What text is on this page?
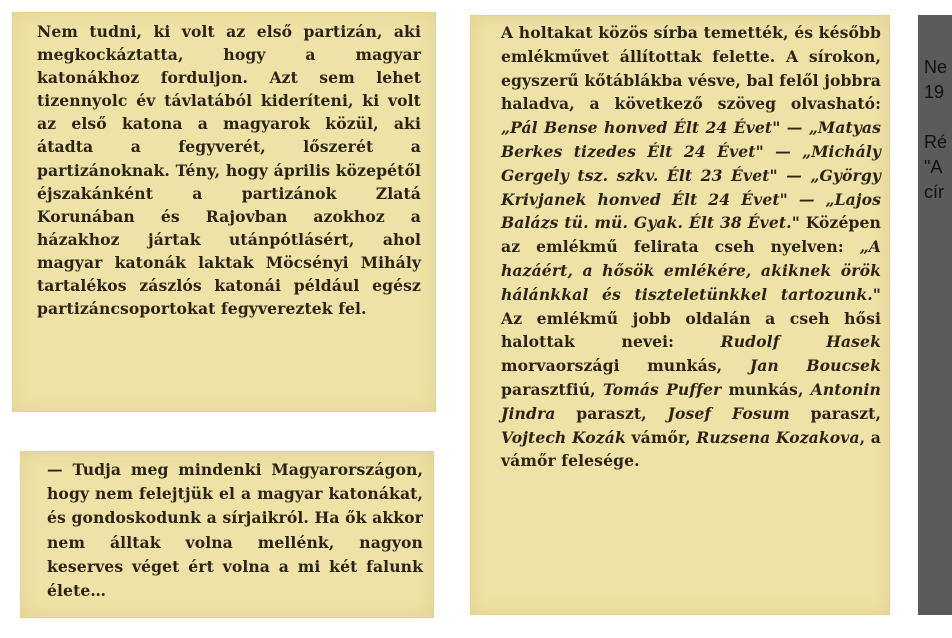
Nem tudni, ki volt az első partizán, aki megkockáztatta, hogy a magyar katonákhoz forduljon. Azt sem lehet tizennyolc év távlatából kideríteni, ki volt az első katona a magyarok közül, aki átadta a fegyverét, lőszerét a partizánoknak. Tény, hogy április közepétől éjszakánként a partizánok Zlatá Korunában és Rajovban azokhoz a házakhoz jártak utánpótlásért, ahol magyar katonák laktak Möcsényi Mihály tartalékos zászlós katonái például egész partizáncsoportokat fegyvereztek fel.

— Tudja meg mindenki Magyarországon, hogy nem felejtjük el a magyar katonákat, és gondoskodunk a sírjaikról. Ha ők akkor nem álltak volna mellénk, nagyon keserves véget ért volna a mi két falunk élete…

A holtakat közös sírba temették, és később emlékművet állítottak felette. A sírokon, egyszerű kőtáblákba vésve, bal felől jobbra haladva, a következő szöveg olvasható: „Pál Bense honved Élt 24 Évet" — „Matyas Berkes tizedes Élt 24 Évet" — „Michály Gergely tsz. szkv. Élt 23 Évet" — „György Krivjanek honved Élt 24 Évet" — „Lajos Balázs tü. mü. Gyak. Élt 38 Évet." Középen az emlékmű felirata cseh nyelven: „A hazáért, a hősök emlékére, akiknek örök hálánkkal és tiszteletünkkel tartozunk." Az emlékmű jobb oldalán a cseh hősi halottak nevei: Rudolf Hasek morvaországi munkás, Jan Boucsek parasztfiú, Tomás Puffer munkás, Antonin Jindra paraszt, Josef Fosum paraszt, Vojtech Kozák vámőr, Ruzsena Kozakova, a vámőr felesége.

Ne
19
Ré
"A
cír
